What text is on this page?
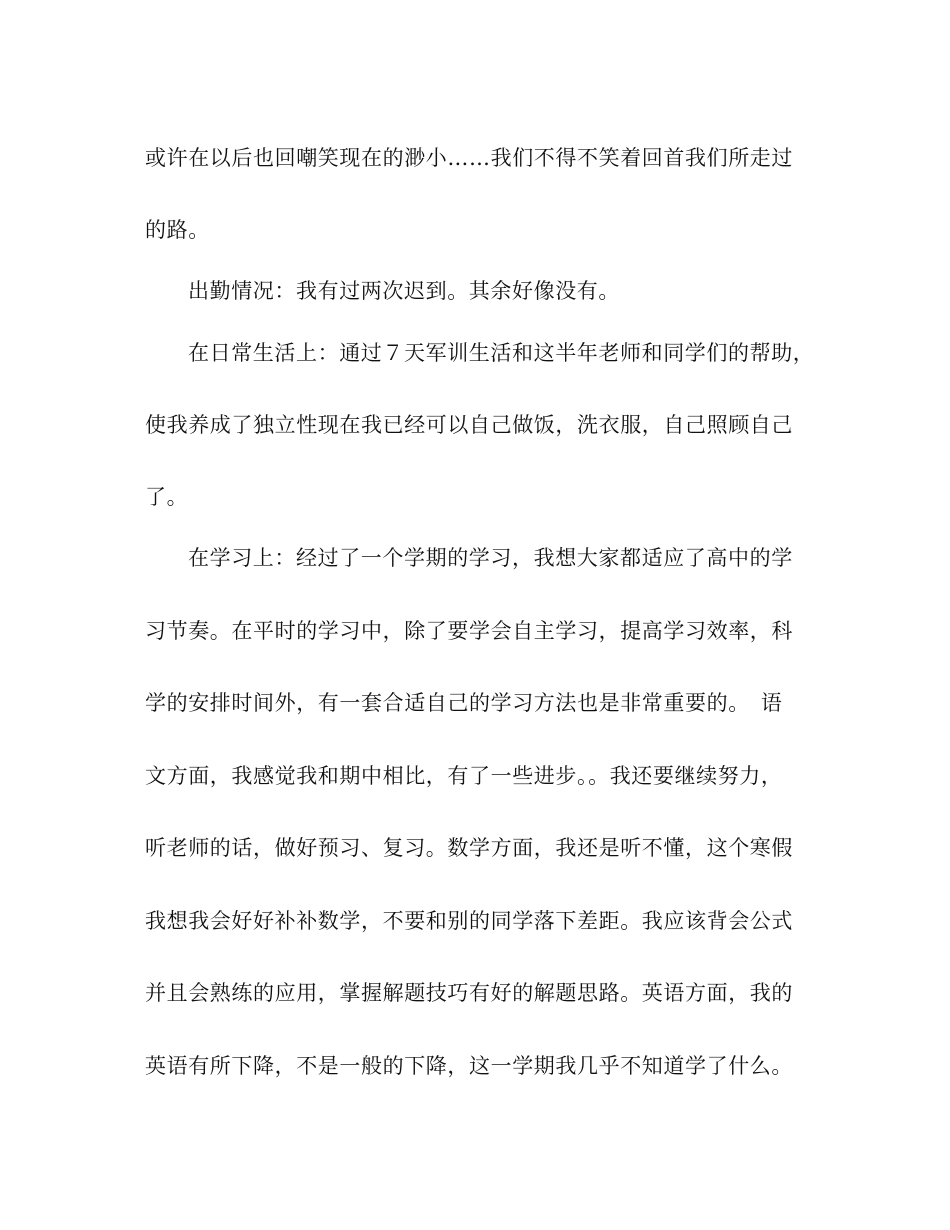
或许在以后也回嘲笑现在的渺小……我们不得不笑着回首我们所走过
的路。
出勤情况：我有过两次迟到。其余好像没有。
在日常生活上：通过７天军训生活和这半年老师和同学们的帮助，
使我养成了独立性现在我已经可以自己做饭，洗衣服，自己照顾自己
了。
在学习上：经过了一个学期的学习，我想大家都适应了高中的学
习节奏。在平时的学习中，除了要学会自主学习，提高学习效率，科
学的安排时间外，有一套合适自己的学习方法也是非常重要的。　语
文方面，我感觉我和期中相比，有了一些进步。。我还要继续努力，
听老师的话，做好预习、复习。数学方面，我还是听不懂，这个寒假
我想我会好好补补数学，不要和别的同学落下差距。我应该背会公式
并且会熟练的应用，掌握解题技巧有好的解题思路。英语方面，我的
英语有所下降，不是一般的下降，这一学期我几乎不知道学了什么。
